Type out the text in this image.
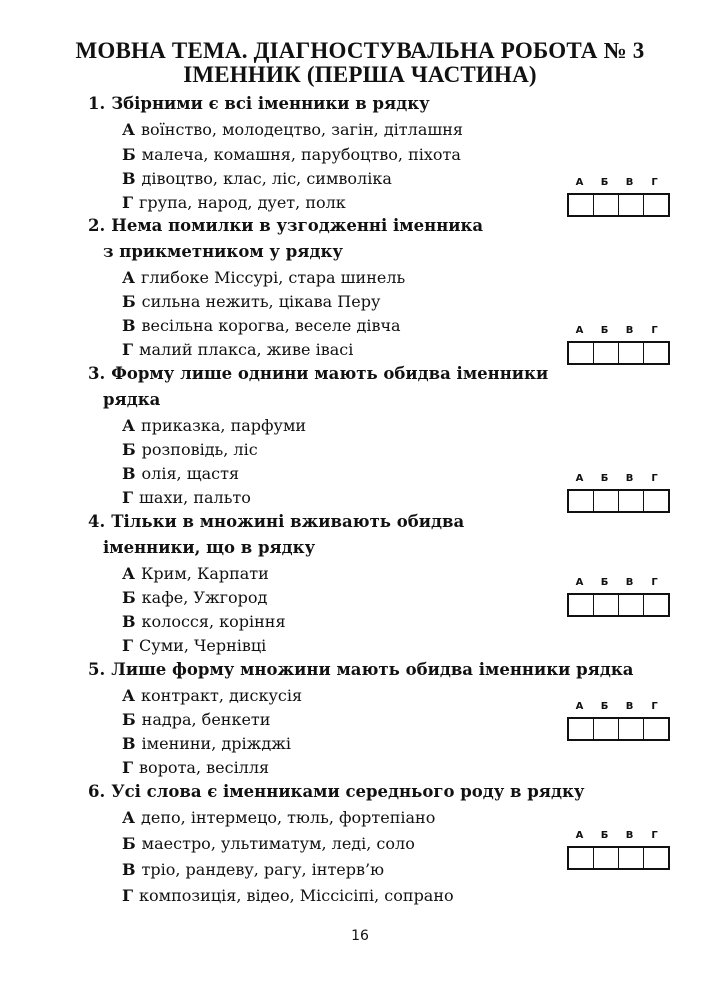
МОВНА ТЕМА. ДІАГНОСТУВАЛЬНА РОБОТА № 3
ІМЕННИК (ПЕРША ЧАСТИНА)
1. Збірними є всі іменники в рядку
А воїнство, молодецтво, загін, дітлашня
Б малеча, комашня, парубоцтво, піхота
В дівоцтво, клас, ліс, символіка
Г група, народ, дует, полк
А	Б	В	Г
2. Нема помилки в узгодженні іменника
з прикметником у рядку
А глибоке Міссурі, стара шинель
Б сильна нежить, цікава Перу
В весільна корогва, веселе дівча
Г малий плакса, живе івасі
А	Б	В	Г
3. Форму лише однини мають обидва іменники
рядка
А приказка, парфуми
Б розповідь, ліс
В олія, щастя
Г шахи, пальто
А	Б	В	Г
4. Тільки в множині вживають обидва
іменники, що в рядку
А Крим, Карпати
Б кафе, Ужгород
В колосся, коріння
Г Суми, Чернівці
А	Б	В	Г
5. Лише форму множини мають обидва іменники рядка
А контракт, дискусія
Б надра, бенкети
В іменини, дріжджі
Г ворота, весілля
А	Б	В	Г
6. Усі слова є іменниками середнього роду в рядку
А депо, інтермецо, тюль, фортепіано
Б маестро, ультиматум, леді, соло
В тріо, рандеву, рагу, інтерв’ю
Г композиція, відео, Міссісіпі, сопрано
А	Б	В	Г
16
